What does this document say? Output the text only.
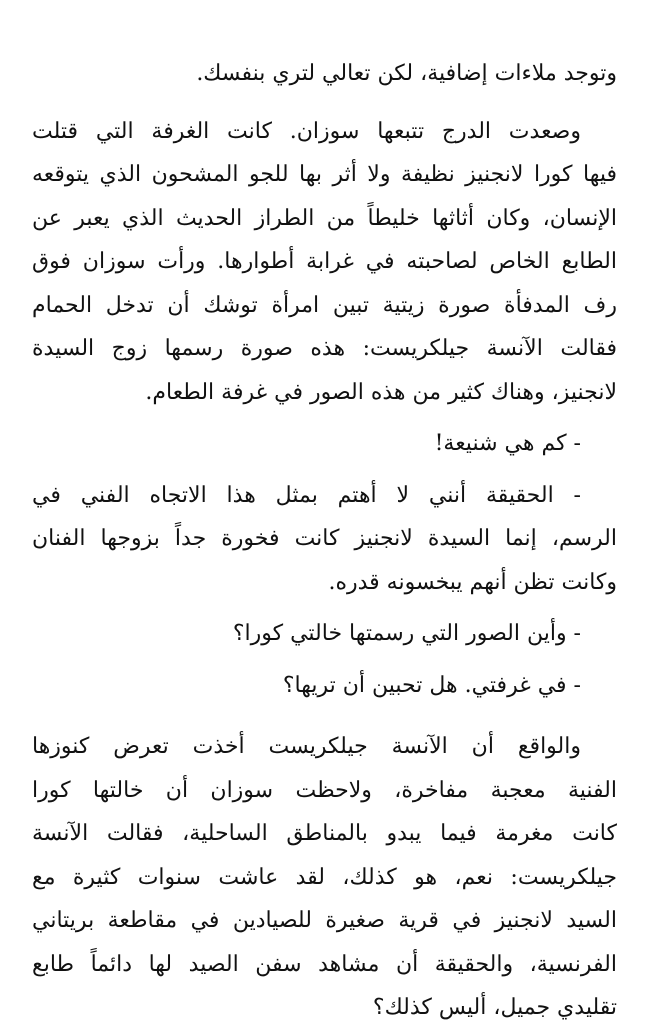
وتوجد ملاءات إضافية، لكن تعالي لتري بنفسك.
وصعدت الدرج تتبعها سوزان. كانت الغرفة التي قتلت
فيها كورا لانجنيز نظيفة ولا أثر بها للجو المشحون الذي يتوقعه
الإنسان، وكان أثاثها خليطاً من الطراز الحديث الذي يعبر عن
الطابع الخاص لصاحبته في غرابة أطوارها. ورأت سوزان فوق
رف المدفأة صورة زيتية تبين امرأة توشك أن تدخل الحمام
فقالت الآنسة جيلكريست: هذه صورة رسمها زوج السيدة
لانجنيز، وهناك كثير من هذه الصور في غرفة الطعام.
- كم هي شنيعة!
- الحقيقة أنني لا أهتم بمثل هذا الاتجاه الفني في
الرسم، إنما السيدة لانجنيز كانت فخورة جداً بزوجها الفنان
وكانت تظن أنهم يبخسونه قدره.
- وأين الصور التي رسمتها خالتي كورا؟
- في غرفتي. هل تحبين أن تريها؟
والواقع أن الآنسة جيلكريست أخذت تعرض كنوزها
الفنية معجبة مفاخرة، ولاحظت سوزان أن خالتها كورا
كانت مغرمة فيما يبدو بالمناطق الساحلية، فقالت الآنسة
جيلكريست: نعم، هو كذلك، لقد عاشت سنوات كثيرة مع
السيد لانجنيز في قرية صغيرة للصيادين في مقاطعة بريتاني
الفرنسية، والحقيقة أن مشاهد سفن الصيد لها دائماً طابع
تقليدي جميل، أليس كذلك؟
